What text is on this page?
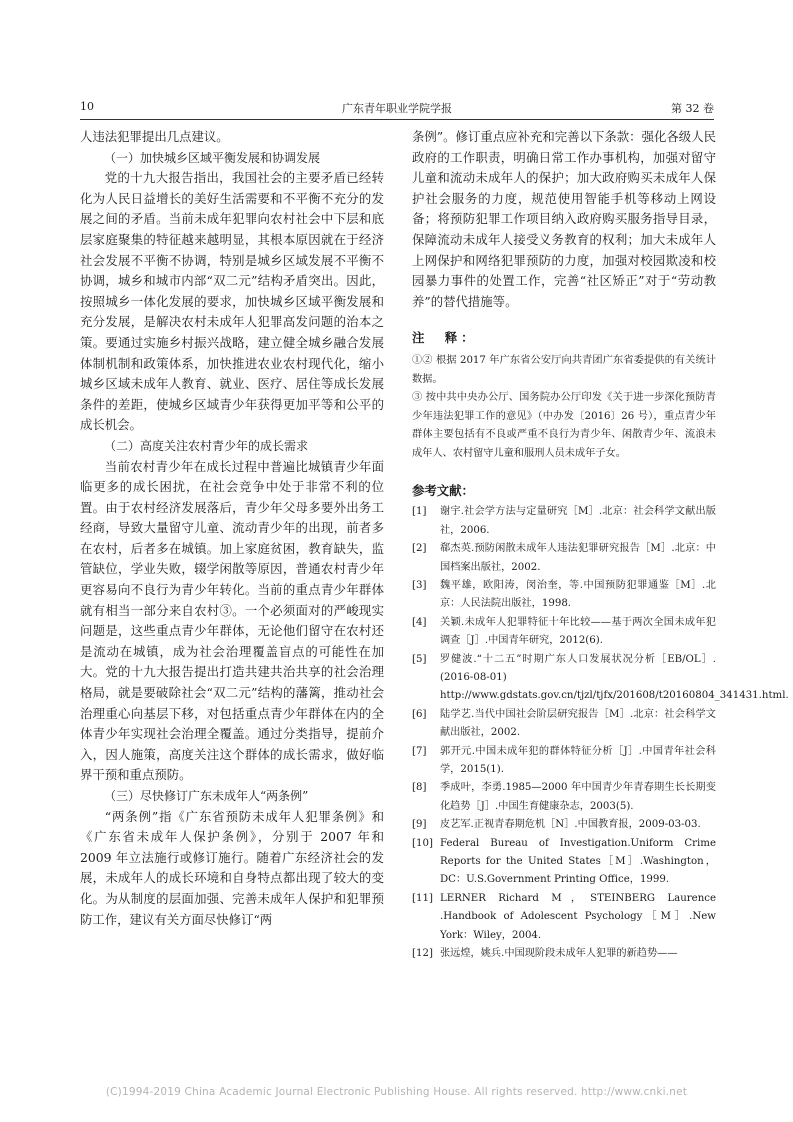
10	广东青年职业学院学报	第 32 卷

人违法犯罪提出几点建议。

（一）加快城乡区域平衡发展和协调发展

党的十九大报告指出，我国社会的主要矛盾已经转化为人民日益增长的美好生活需要和不平衡不充分的发展之间的矛盾。当前未成年犯罪向农村社会中下层和底层家庭聚集的特征越来越明显，其根本原因就在于经济社会发展不平衡不协调，特别是城乡区域发展不平衡不协调，城乡和城市内部“双二元”结构矛盾突出。因此，按照城乡一体化发展的要求，加快城乡区域平衡发展和充分发展，是解决农村未成年人犯罪高发问题的治本之策。要通过实施乡村振兴战略，建立健全城乡融合发展体制机制和政策体系，加快推进农业农村现代化，缩小城乡区域未成年人教育、就业、医疗、居住等成长发展条件的差距，使城乡区域青少年获得更加平等和公平的成长机会。

（二）高度关注农村青少年的成长需求

当前农村青少年在成长过程中普遍比城镇青少年面临更多的成长困扰，在社会竞争中处于非常不利的位置。由于农村经济发展落后，青少年父母多要外出务工经商，导致大量留守儿童、流动青少年的出现，前者多在农村，后者多在城镇。加上家庭贫困，教育缺失，监管缺位，学业失败，辍学闲散等原因，普通农村青少年更容易向不良行为青少年转化。当前的重点青少年群体就有相当一部分来自农村③。一个必须面对的严峻现实问题是，这些重点青少年群体，无论他们留守在农村还是流动在城镇，成为社会治理覆盖盲点的可能性在加大。党的十九大报告提出打造共建共治共享的社会治理格局，就是要破除社会“双二元”结构的藩篱，推动社会治理重心向基层下移，对包括重点青少年群体在内的全体青少年实现社会治理全覆盖。通过分类指导，提前介入，因人施策，高度关注这个群体的成长需求，做好临界干预和重点预防。

（三）尽快修订广东未成年人“两条例”

“两条例”指《广东省预防未成年人犯罪条例》和《广东省未成年人保护条例》，分别于 2007 年和 2009 年立法施行或修订施行。随着广东经济社会的发展，未成年人的成长环境和自身特点都出现了较大的变化。为从制度的层面加强、完善未成年人保护和犯罪预防工作，建议有关方面尽快修订“两

条例”。修订重点应补充和完善以下条款：强化各级人民政府的工作职责，明确日常工作办事机构，加强对留守儿童和流动未成年人的保护；加大政府购买未成年人保护社会服务的力度，规范使用智能手机等移动上网设备；将预防犯罪工作项目纳入政府购买服务指导目录，保障流动未成年人接受义务教育的权利；加大未成年人上网保护和网络犯罪预防的力度，加强对校园欺凌和校园暴力事件的处置工作，完善“社区矫正”对于“劳动教养”的替代措施等。

注　释：

①② 根据 2017 年广东省公安厅向共青团广东省委提供的有关统计数据。

③ 按中共中央办公厅、国务院办公厅印发《关于进一步深化预防青少年违法犯罪工作的意见》（中办发〔2016〕26 号），重点青少年群体主要包括有不良或严重不良行为青少年、闲散青少年、流浪未成年人、农村留守儿童和服刑人员未成年子女。

参考文献：

[1] 谢宇.社会学方法与定量研究［M］.北京：社会科学文献出版社，2006.

[2] 郗杰英.预防闲散未成年人违法犯罪研究报告［M］.北京：中国档案出版社，2002.

[3] 魏平雄，欧阳涛，闵治奎，等.中国预防犯罪通鉴［M］.北京：人民法院出版社，1998.

[4] 关颖.未成年人犯罪特征十年比较——基于两次全国未成年犯调查［J］.中国青年研究，2012(6).

[5] 罗健波.“十二五”时期广东人口发展状况分析［EB/OL］.(2016-08-01) http://www.gdstats.gov.cn/tjzl/tjfx/201608/t20160804_341431.html.

[6] 陆学艺.当代中国社会阶层研究报告［M］.北京：社会科学文献出版社，2002.

[7] 郭开元.中国未成年犯的群体特征分析［J］.中国青年社会科学，2015(1).

[8] 季成叶，李勇.1985—2000 年中国青少年青春期生长长期变化趋势［J］.中国生育健康杂志，2003(5).

[9] 皮艺军.正视青春期危机［N］.中国教育报，2009-03-03.

[10] Federal Bureau of Investigation.Uniform Crime Reports for the United States［M］.Washington，DC：U.S.Government Printing Office，1999.

[11] LERNER Richard M，STEINBERG Laurence .Handbook of Adolescent Psychology［M］.New York：Wiley，2004.

[12] 张远煌，姚兵.中国现阶段未成年人犯罪的新趋势——

(C)1994-2019 China Academic Journal Electronic Publishing House. All rights reserved. http://www.cnki.net
